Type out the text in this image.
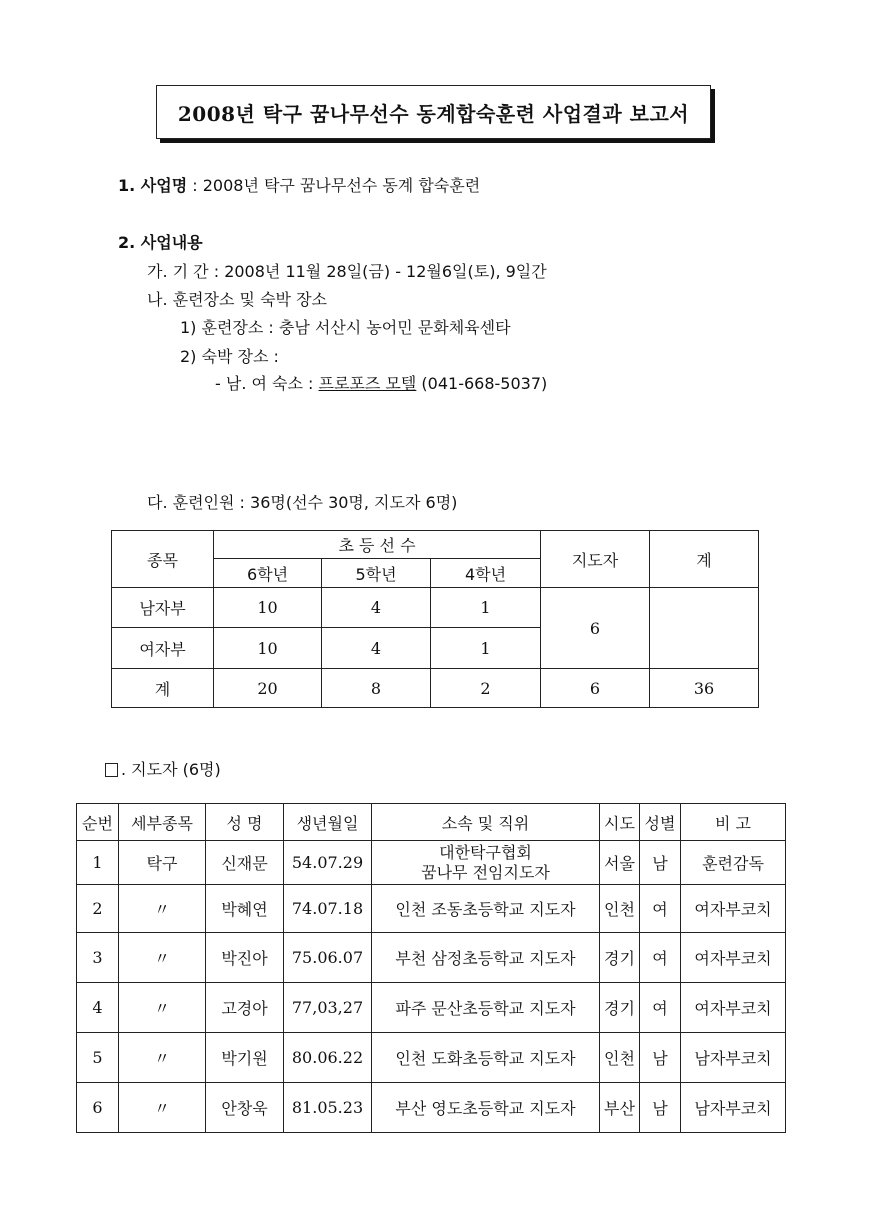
2008년 탁구 꿈나무선수 동계합숙훈련 사업결과 보고서
1. 사업명 : 2008년 탁구 꿈나무선수 동계 합숙훈련
2. 사업내용
가. 기 간 : 2008년 11월 28일(금) - 12월6일(토), 9일간
나. 훈련장소 및 숙박 장소
1) 훈련장소 : 충남 서산시 농어민 문화체육센타
2) 숙박 장소 :
- 남. 여 숙소 : 프로포즈 모텔 (041-668-5037)
다. 훈련인원 : 36명(선수 30명, 지도자 6명)
종목	초 등 선 수			지도자	계
	6학년	5학년	4학년		
남자부	10	4	1	6	
여자부	10	4	1		
계	20	8	2	6	36
. 지도자 (6명)
순번	세부종목	성 명	생년월일	소속 및 직위	시도	성별	비 고
1	탁구	신재문	54.07.29	대한탁구협회
꿈나무 전임지도자	서울	남	훈련감독
2	〃	박혜연	74.07.18	인천 조동초등학교 지도자	인천	여	여자부코치
3	〃	박진아	75.06.07	부천 삼정초등학교 지도자	경기	여	여자부코치
4	〃	고경아	77,03,27	파주 문산초등학교 지도자	경기	여	여자부코치
5	〃	박기원	80.06.22	인천 도화초등학교 지도자	인천	남	남자부코치
6	〃	안창욱	81.05.23	부산 영도초등학교 지도자	부산	남	남자부코치
